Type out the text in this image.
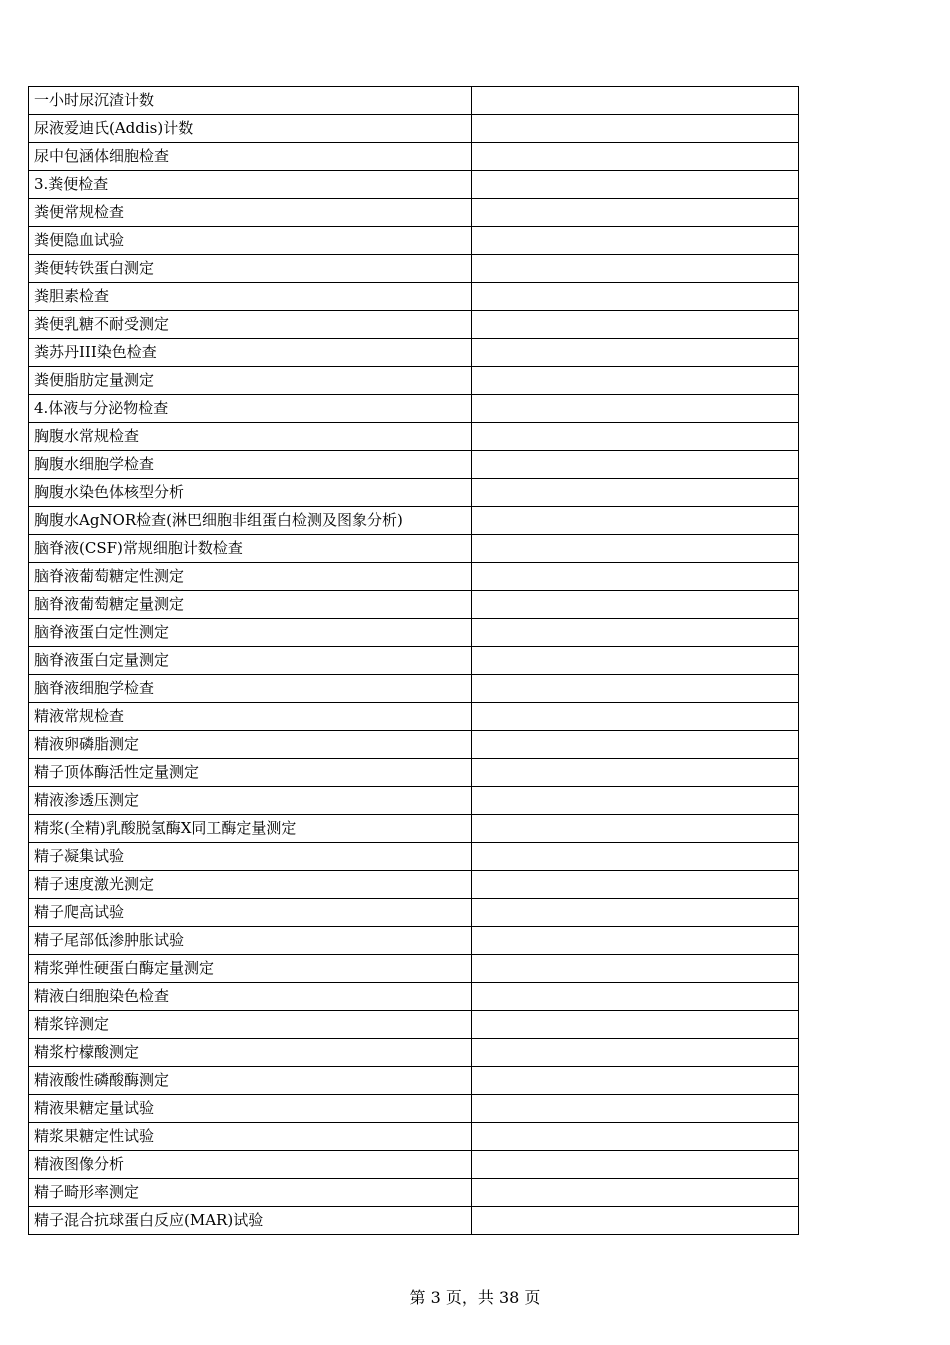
一小时尿沉渣计数	
尿液爱迪氏(Addis)计数	
尿中包涵体细胞检查	
3.粪便检查	
粪便常规检查	
粪便隐血试验	
粪便转铁蛋白测定	
粪胆素检查	
粪便乳糖不耐受测定	
粪苏丹III染色检查	
粪便脂肪定量测定	
4.体液与分泌物检查	
胸腹水常规检查	
胸腹水细胞学检查	
胸腹水染色体核型分析	
胸腹水AgNOR检查(淋巴细胞非组蛋白检测及图象分析)	
脑脊液(CSF)常规细胞计数检查	
脑脊液葡萄糖定性测定	
脑脊液葡萄糖定量测定	
脑脊液蛋白定性测定	
脑脊液蛋白定量测定	
脑脊液细胞学检查	
精液常规检查	
精液卵磷脂测定	
精子顶体酶活性定量测定	
精液渗透压测定	
精浆(全精)乳酸脱氢酶X同工酶定量测定	
精子凝集试验	
精子速度激光测定	
精子爬高试验	
精子尾部低渗肿胀试验	
精浆弹性硬蛋白酶定量测定	
精液白细胞染色检查	
精浆锌测定	
精浆柠檬酸测定	
精液酸性磷酸酶测定	
精液果糖定量试验	
精浆果糖定性试验	
精液图像分析	
精子畸形率测定	
精子混合抗球蛋白反应(MAR)试验	
第 3 页，共 38 页
